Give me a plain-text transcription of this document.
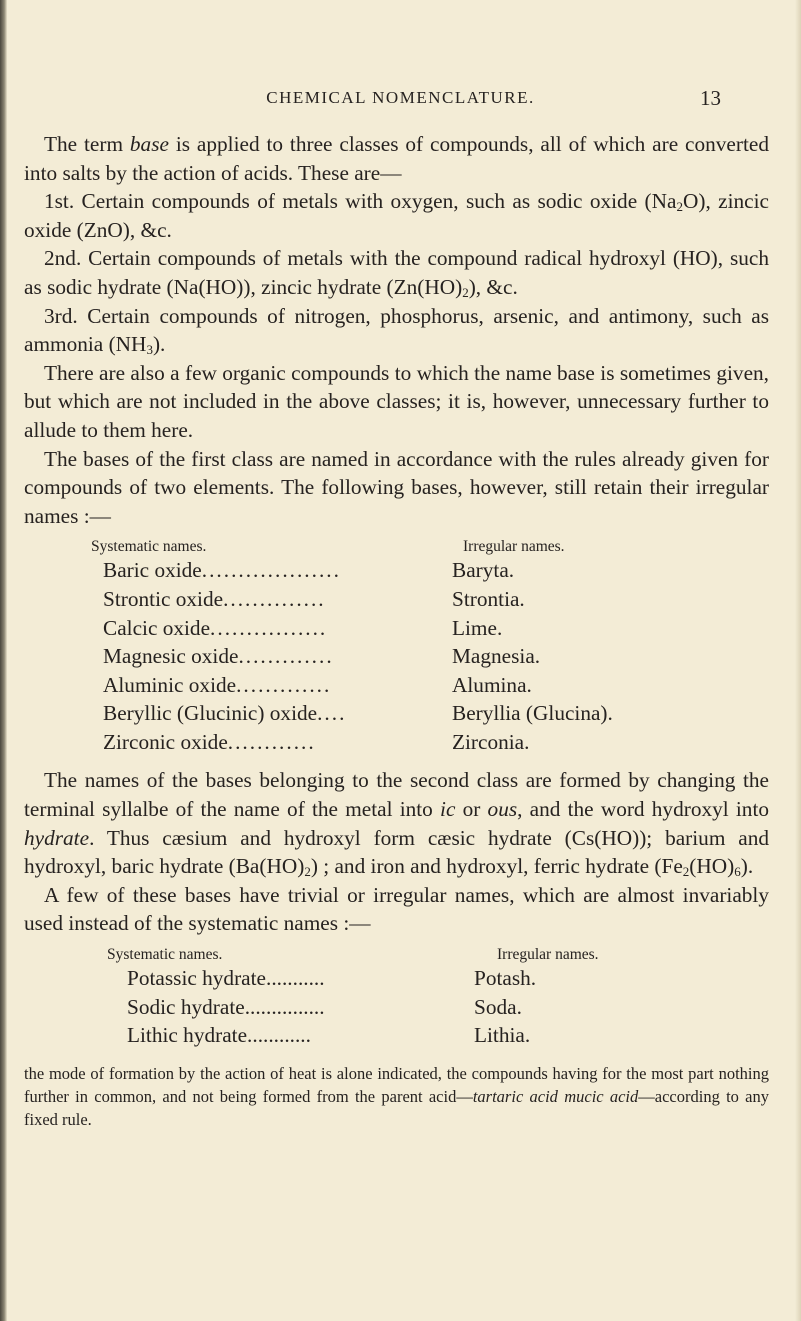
CHEMICAL NOMENCLATURE.	13

The term base is applied to three classes of compounds, all of which are converted into salts by the action of acids. These are—

1st. Certain compounds of metals with oxygen, such as sodic oxide $(Na_2O)$, zincic oxide (ZnO), &c.

2nd. Certain compounds of metals with the compound radical hydroxyl (HO), such as sodic hydrate (Na(HO)), zincic hydrate $(Zn(HO)_2)$, &c.

3rd. Certain compounds of nitrogen, phosphorus, arsenic, and antimony, such as ammonia $(NH_3)$.

There are also a few organic compounds to which the name base is sometimes given, but which are not included in the above classes; it is, however, unnecessary further to allude to them here.

The bases of the first class are named in accordance with the rules already given for compounds of two elements. The following bases, however, still retain their irregular names :—

Systematic names.	Irregular names.
Baric oxide...................	Baryta.
Strontic oxide..............	Strontia.
Calcic oxide................	Lime.
Magnesic oxide.............	Magnesia.
Aluminic oxide.............	Alumina.
Beryllic (Glucinic) oxide....	Beryllia (Glucina).
Zirconic oxide............	Zirconia.

The names of the bases belonging to the second class are formed by changing the terminal syllalbe of the name of the metal into ic or ous, and the word hydroxyl into hydrate. Thus cæsium and hydroxyl form cæsic hydrate (Cs(HO)); barium and hydroxyl, baric hydrate $(Ba(HO)_2)$ ; and iron and hydroxyl, ferric hydrate $(Fe_2(HO)_6)$.

A few of these bases have trivial or irregular names, which are almost invariably used instead of the systematic names :—

Systematic names.	Irregular names.
Potassic hydrate...........	Potash.
Sodic hydrate...............	Soda.
Lithic hydrate............	Lithia.

the mode of formation by the action of heat is alone indicated, the compounds having for the most part nothing further in common, and not being formed from the parent acid—tartaric acid mucic acid—according to any fixed rule.
